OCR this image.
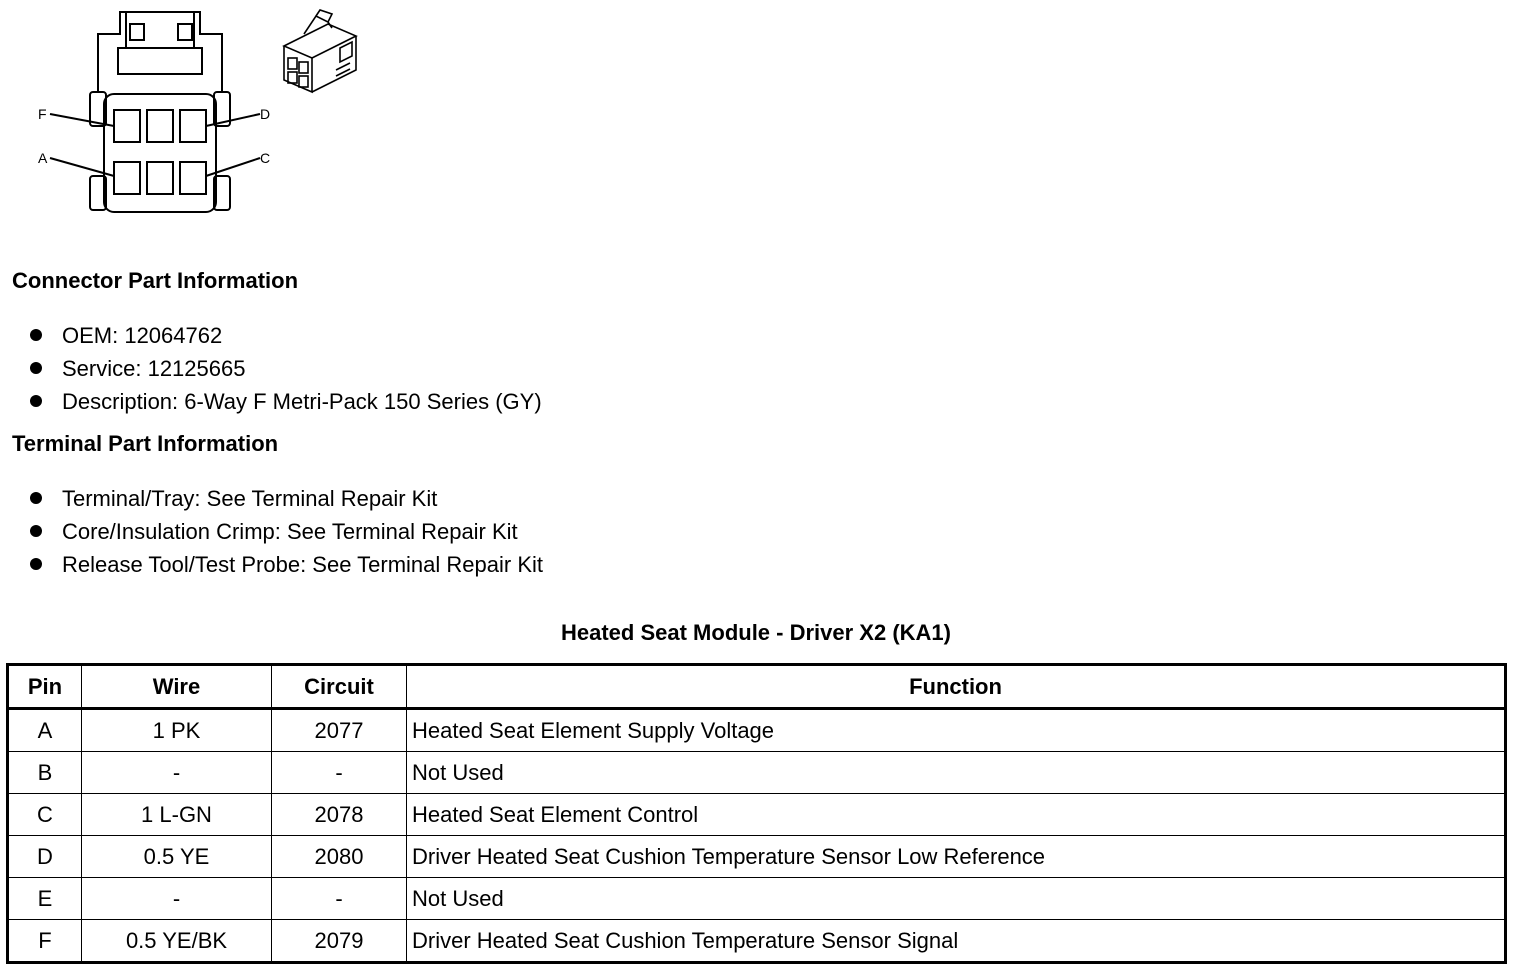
F	D
A	C
Connector Part Information
OEM: 12064762
Service: 12125665
Description: 6-Way F Metri-Pack 150 Series (GY)
Terminal Part Information
Terminal/Tray: See Terminal Repair Kit
Core/Insulation Crimp: See Terminal Repair Kit
Release Tool/Test Probe: See Terminal Repair Kit
Heated Seat Module - Driver X2 (KA1)
Pin	Wire	Circuit	Function
A	1 PK	2077	Heated Seat Element Supply Voltage
B	-	-	Not Used
C	1 L-GN	2078	Heated Seat Element Control
D	0.5 YE	2080	Driver Heated Seat Cushion Temperature Sensor Low Reference
E	-	-	Not Used
F	0.5 YE/BK	2079	Driver Heated Seat Cushion Temperature Sensor Signal
